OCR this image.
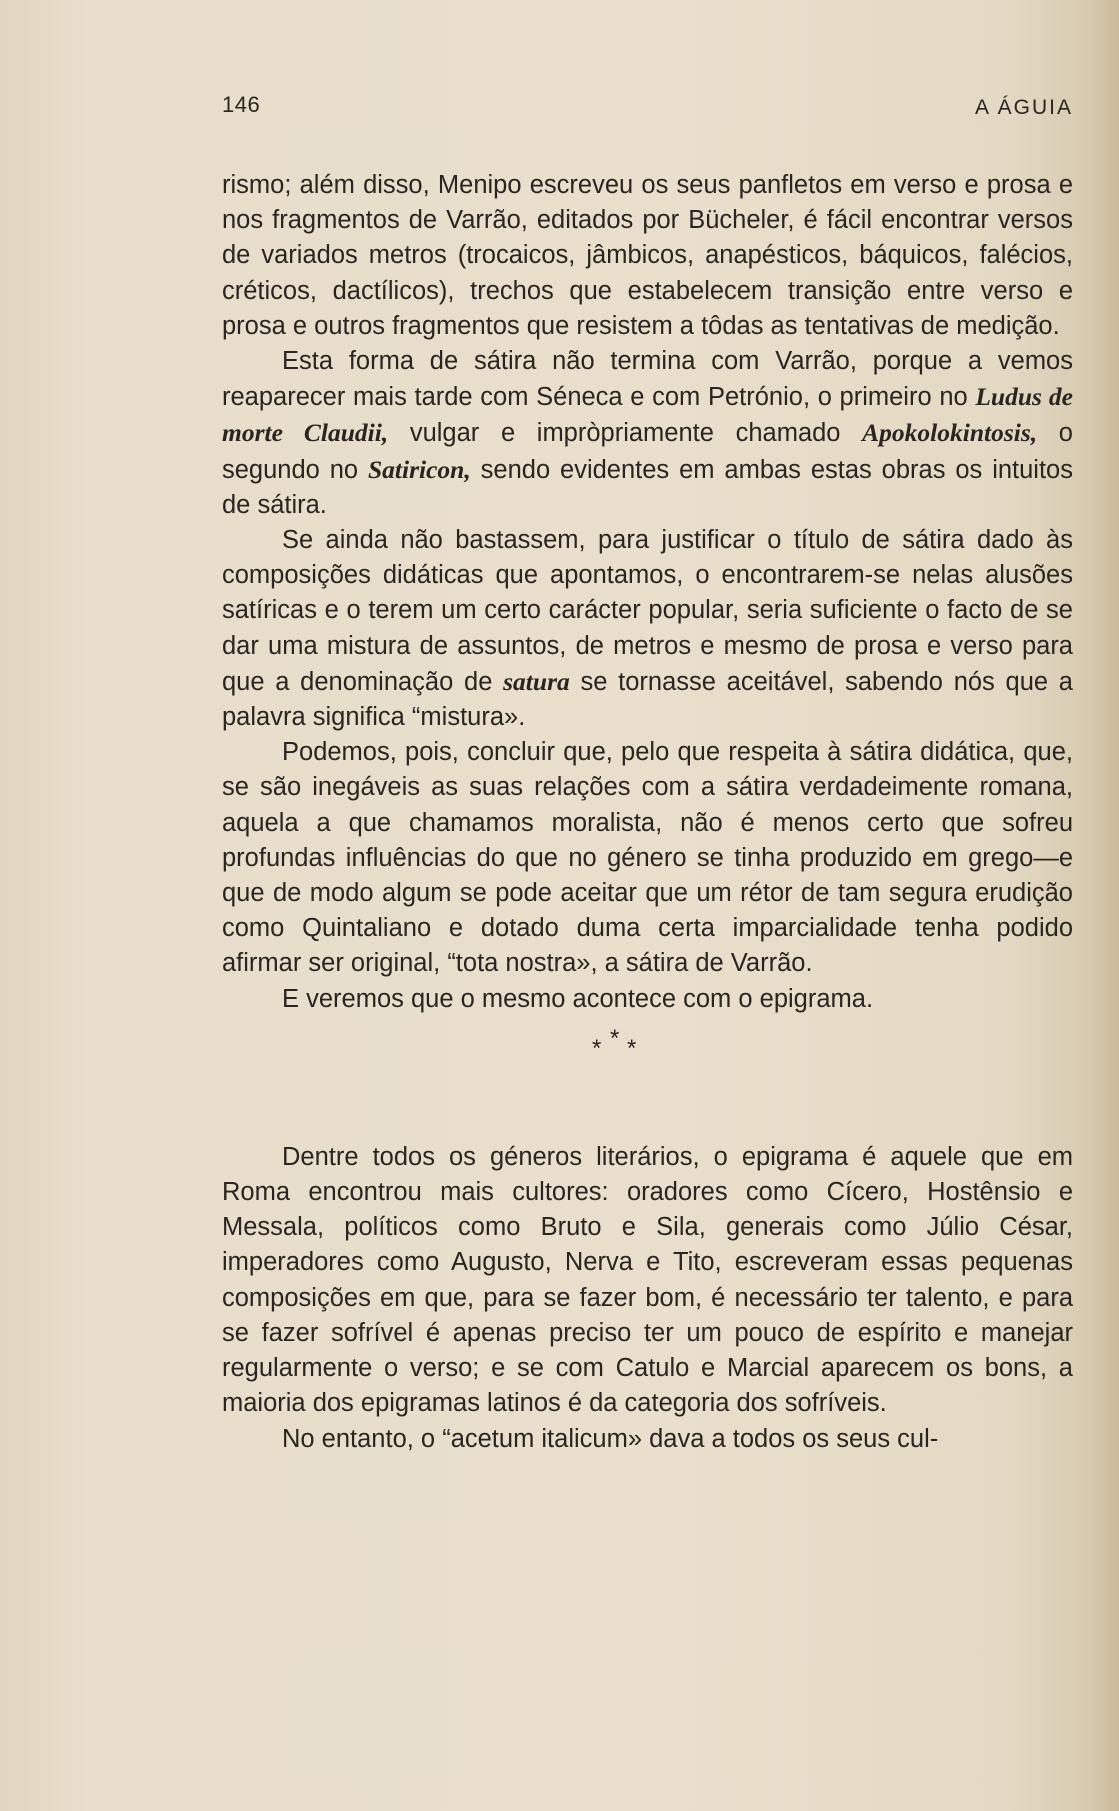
146	A ÁGUIA

rismo; além disso, Menipo escreveu os seus panfletos em verso e prosa e nos fragmentos de Varrão, editados por Bücheler, é fácil encontrar versos de variados metros (trocaicos, jâmbicos, anapésticos, báquicos, falécios, créticos, dactílicos), trechos que estabelecem transição entre verso e prosa e outros fragmentos que resistem a tôdas as tentativas de medição.

Esta forma de sátira não termina com Varrão, porque a vemos reaparecer mais tarde com Séneca e com Petrónio, o primeiro no Ludus de morte Claudii, vulgar e impròpriamente chamado Apokolokintosis, o segundo no Satiricon, sendo evidentes em ambas estas obras os intuitos de sátira.

Se ainda não bastassem, para justificar o título de sátira dado às composições didáticas que apontamos, o encontrarem-se nelas alusões satíricas e o terem um certo carácter popular, seria suficiente o facto de se dar uma mistura de assuntos, de metros e mesmo de prosa e verso para que a denominação de satura se tornasse aceitável, sabendo nós que a palavra significa “mistura».

Podemos, pois, concluir que, pelo que respeita à sátira didática, que, se são inegáveis as suas relações com a sátira verdadeimente romana, aquela a que chamamos moralista, não é menos certo que sofreu profundas influências do que no género se tinha produzido em grego—e que de modo algum se pode aceitar que um rétor de tam segura erudição como Quintaliano e dotado duma certa imparcialidade tenha podido afirmar ser original, “tota nostra», a sátira de Varrão.

E veremos que o mesmo acontece com o epigrama.

*
* *

Dentre todos os géneros literários, o epigrama é aquele que em Roma encontrou mais cultores: oradores como Cícero, Hostênsio e Messala, políticos como Bruto e Sila, generais como Júlio César, imperadores como Augusto, Nerva e Tito, escreveram essas pequenas composições em que, para se fazer bom, é necessário ter talento, e para se fazer sofrível é apenas preciso ter um pouco de espírito e manejar regularmente o verso; e se com Catulo e Marcial aparecem os bons, a maioria dos epigramas latinos é da categoria dos sofríveis.

No entanto, o “acetum italicum» dava a todos os seus cul-
